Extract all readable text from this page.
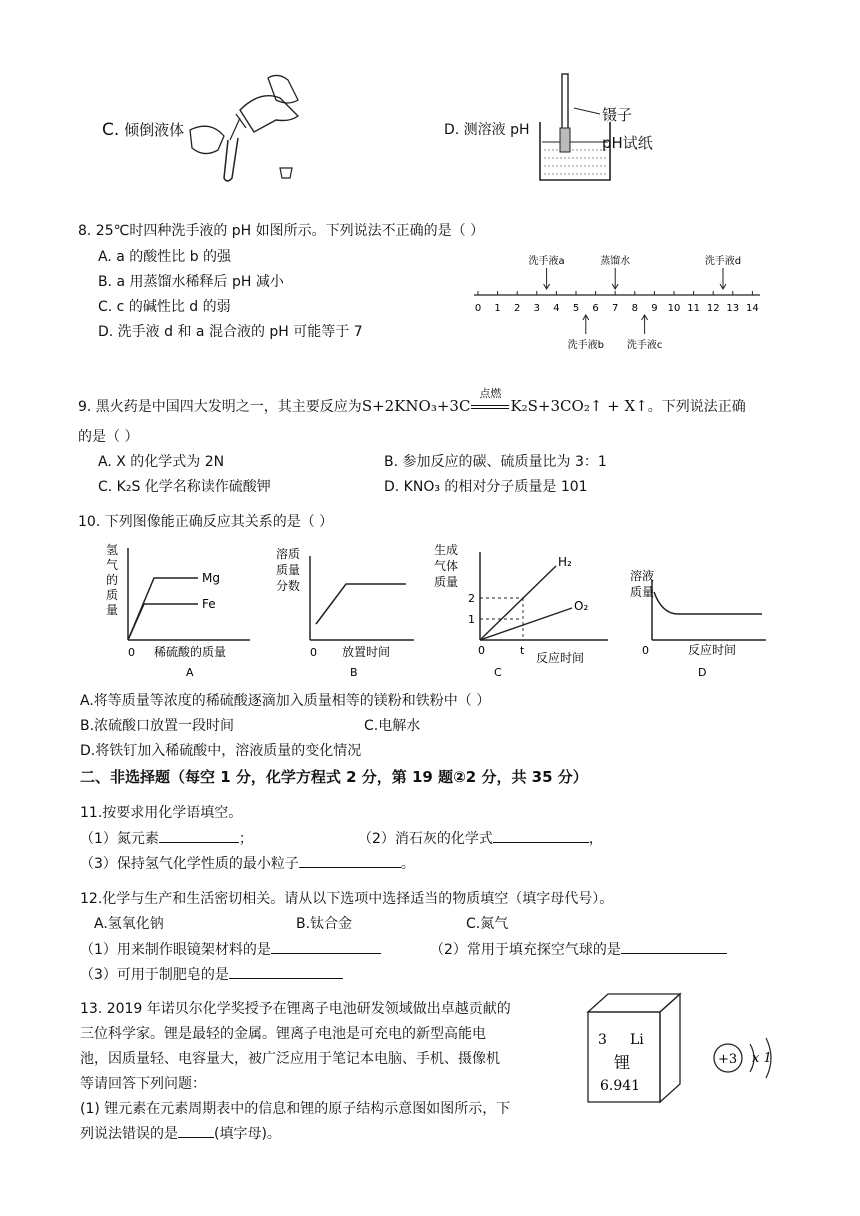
C. 倾倒液体	D. 测溶液 pH
镊子
pH试纸
8. 25℃时四种洗手液的 pH 如图所示。下列说法不正确的是（ ）
A. a 的酸性比 b 的强
B. a 用蒸馏水稀释后 pH 减小
C. c 的碱性比 d 的弱
D. 洗手液 d 和 a 混合液的 pH 可能等于 7
0 1 2 3 4 5 6 7 8 9 10 11 12 13 14
洗手液a	蒸馏水	洗手液d
洗手液b 洗手液c
9. 黑火药是中国四大发明之一，其主要反应为S+2KNO₃+3C
点燃
K₂S+3CO₂↑ + X↑。下列说法正确
的是（ ）
A. X 的化学式为 2N	B. 参加反应的碳、硫质量比为 3：1
C. K₂S 化学名称读作硫酸钾	D. KNO₃ 的相对分子质量是 101
10. 下列图像能正确反应其关系的是（ ）
Mg
Fe
氢
气
的
质
量
0 稀硫酸的质量
A
溶质
质量
分数
0 放置时间
B
生成
气体
质量
2
1
t
H₂
O₂
0
反应时间
C
溶液
质量
0	反应时间
D
A.将等质量等浓度的稀硫酸逐滴加入质量相等的镁粉和铁粉中（ ）
B.浓硫酸口放置一段时间	C.电解水
D.将铁钉加入稀硫酸中，溶液质量的变化情况
二、非选择题（每空 1 分，化学方程式 2 分，第 19 题②2 分，共 35 分）
11.按要求用化学语填空。
（1）氮元素	；	（2）消石灰的化学式	，
（3）保持氢气化学性质的最小粒子	。
12.化学与生产和生活密切相关。请从以下选项中选择适当的物质填空（填字母代号）。
A.氢氧化钠	B.钛合金	C.氮气
（1）用来制作眼镜架材料的是	（2）常用于填充探空气球的是
（3）可用于制肥皂的是
13. 2019 年诺贝尔化学奖授予在锂离子电池研发领域做出卓越贡献的
三位科学家。锂是最轻的金属。锂离子电池是可充电的新型高能电
池，因质量轻、电容量大，被广泛应用于笔记本电脑、手机、摄像机
等请回答下列问题：
(1) 锂元素在元素周期表中的信息和锂的原子结构示意图如图所示，下
列说法错误的是	(填字母)。
3 Li
锂
6.941
+3 x 1
